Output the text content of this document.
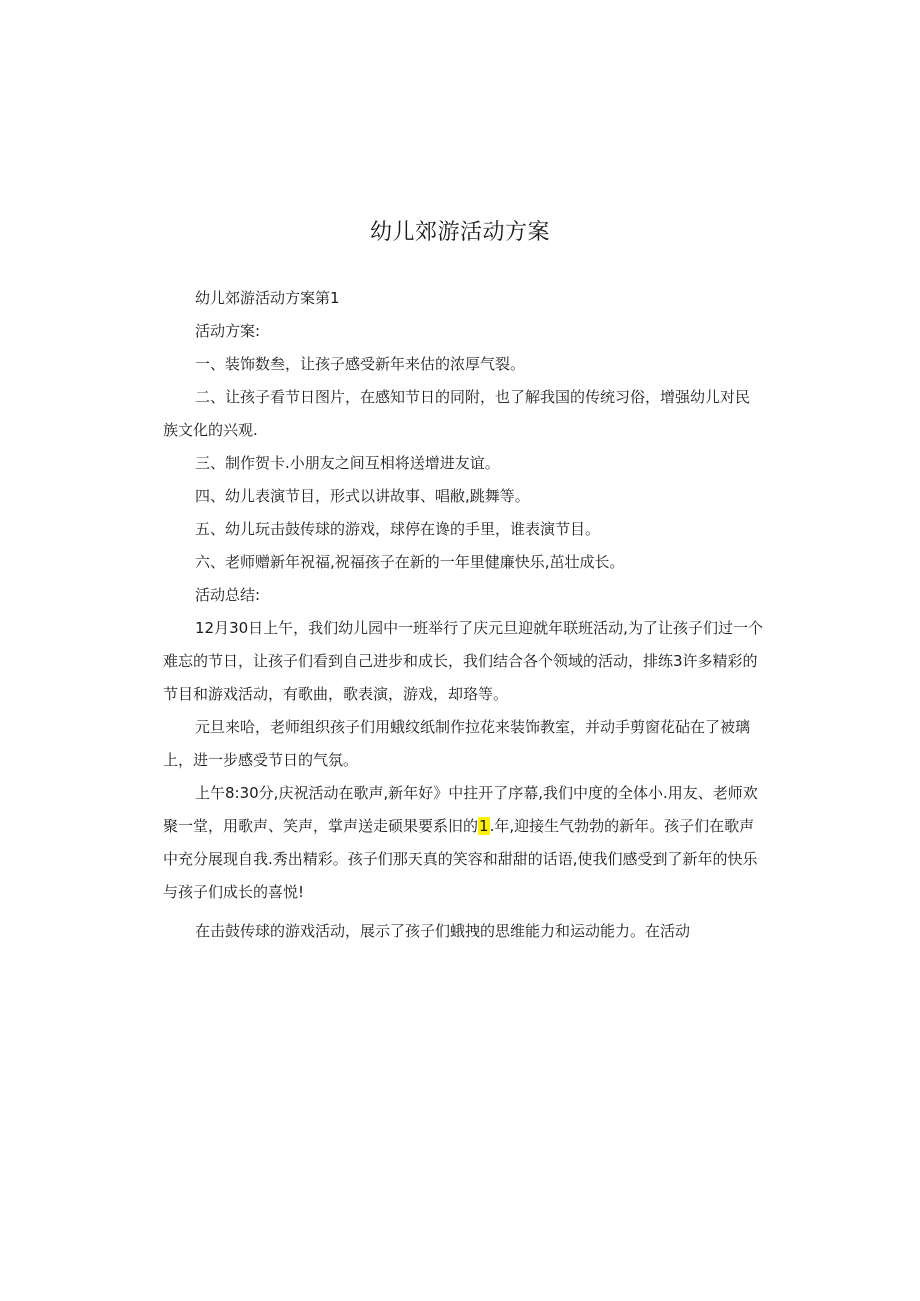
幼儿郊游活动方案

幼儿郊游活动方案第1

活动方案:

一、装饰数叁，让孩子感受新年来估的浓厚气裂。

二、让孩子看节日图片，在感知节日的同附，也了解我国的传统习俗，增强幼儿对民族文化的兴观.

三、制作贺卡.小朋友之间互相将送增进友谊。

四、幼儿表演节目，形式以讲故事、唱敝,跳舞等。

五、幼儿玩击鼓传球的游戏，球停在谗的手里，谁表演节目。

六、老师赠新年祝福,祝福孩子在新的一年里健廉快乐,茁壮成长。

活动总结:

12月30日上午，我们幼儿园中一班举行了庆元旦迎就年联班活动,为了让孩子们过一个难忘的节日，让孩子们看到自己进步和成长，我们结合各个领域的活动，排练3许多精彩的节目和游戏活动，有歌曲，歌表演，游戏，却珞等。

元旦来哈，老师组织孩子们用蛾纹纸制作拉花来装饰教室，并动手剪窗花砧在了被璃上，进一步感受节日的气氛。

上午8:30分,庆祝活动在歌声,新年好》中拄开了序幕,我们中度的全体小.用友、老师欢聚一堂，用歌声、笑声，掌声送走硕果要系旧的1.年,迎接生气勃勃的新年。孩子们在歌声中充分展现自我.秀出精彩。孩子们那天真的笑容和甜甜的话语,使我们感受到了新年的快乐与孩子们成长的喜悦!

在击鼓传球的游戏活动，展示了孩子们蛾拽的思维能力和运动能力。在活动
